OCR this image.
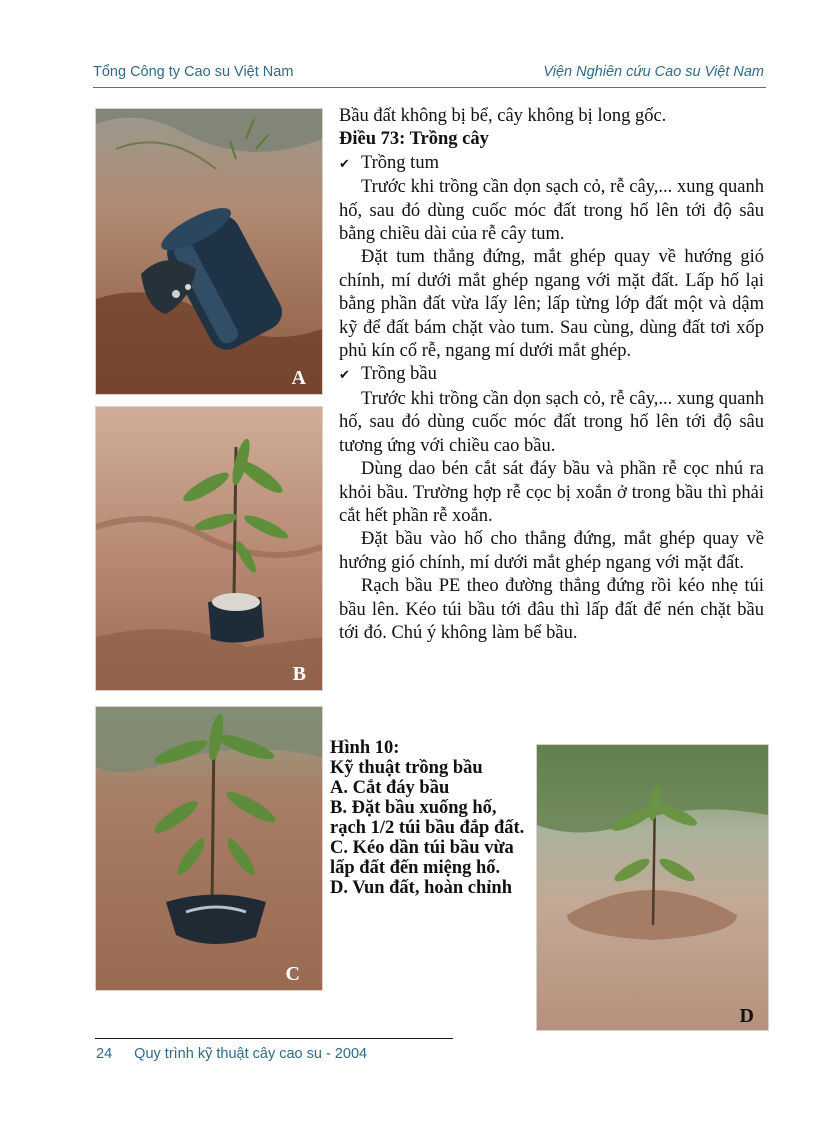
Tổng Công ty Cao su Việt Nam	Viện Nghiên cứu Cao su Việt Nam
A
B
C
D

Bầu đất không bị bể, cây không bị long gốc.

Điều 73: Trồng cây

✔ Trồng tum

Trước khi trồng cần dọn sạch cỏ, rễ cây,... xung quanh hố, sau đó dùng cuốc móc đất trong hố lên tới độ sâu bằng chiều dài của rễ cây tum.

Đặt tum thẳng đứng, mắt ghép quay về hướng gió chính, mí dưới mắt ghép ngang với mặt đất. Lấp hố lại bằng phần đất vừa lấy lên; lấp từng lớp đất một và dậm kỹ để đất bám chặt vào tum. Sau cùng, dùng đất tơi xốp phủ kín cổ rễ, ngang mí dưới mắt ghép.

✔ Trồng bầu

Trước khi trồng cần dọn sạch cỏ, rễ cây,... xung quanh hố, sau đó dùng cuốc móc đất trong hố lên tới độ sâu tương ứng với chiều cao bầu.

Dùng dao bén cắt sát đáy bầu và phần rễ cọc nhú ra khỏi bầu. Trường hợp rễ cọc bị xoắn ở trong bầu thì phải cắt hết phần rễ xoắn.

Đặt bầu vào hố cho thẳng đứng, mắt ghép quay về hướng gió chính, mí dưới mắt ghép ngang với mặt đất.

Rạch bầu PE theo đường thẳng đứng rồi kéo nhẹ túi bầu lên. Kéo túi bầu tới đâu thì lấp đất để nén chặt bầu tới đó. Chú ý không làm bể bầu.

Hình 10:
Kỹ thuật trồng bầu
A. Cắt đáy bầu
B. Đặt bầu xuống hố, rạch 1/2 túi bầu đắp đất.
C. Kéo dần túi bầu vừa lấp đất đến miệng hố.
D. Vun đất, hoàn chỉnh
24 Quy trình kỹ thuật cây cao su - 2004
